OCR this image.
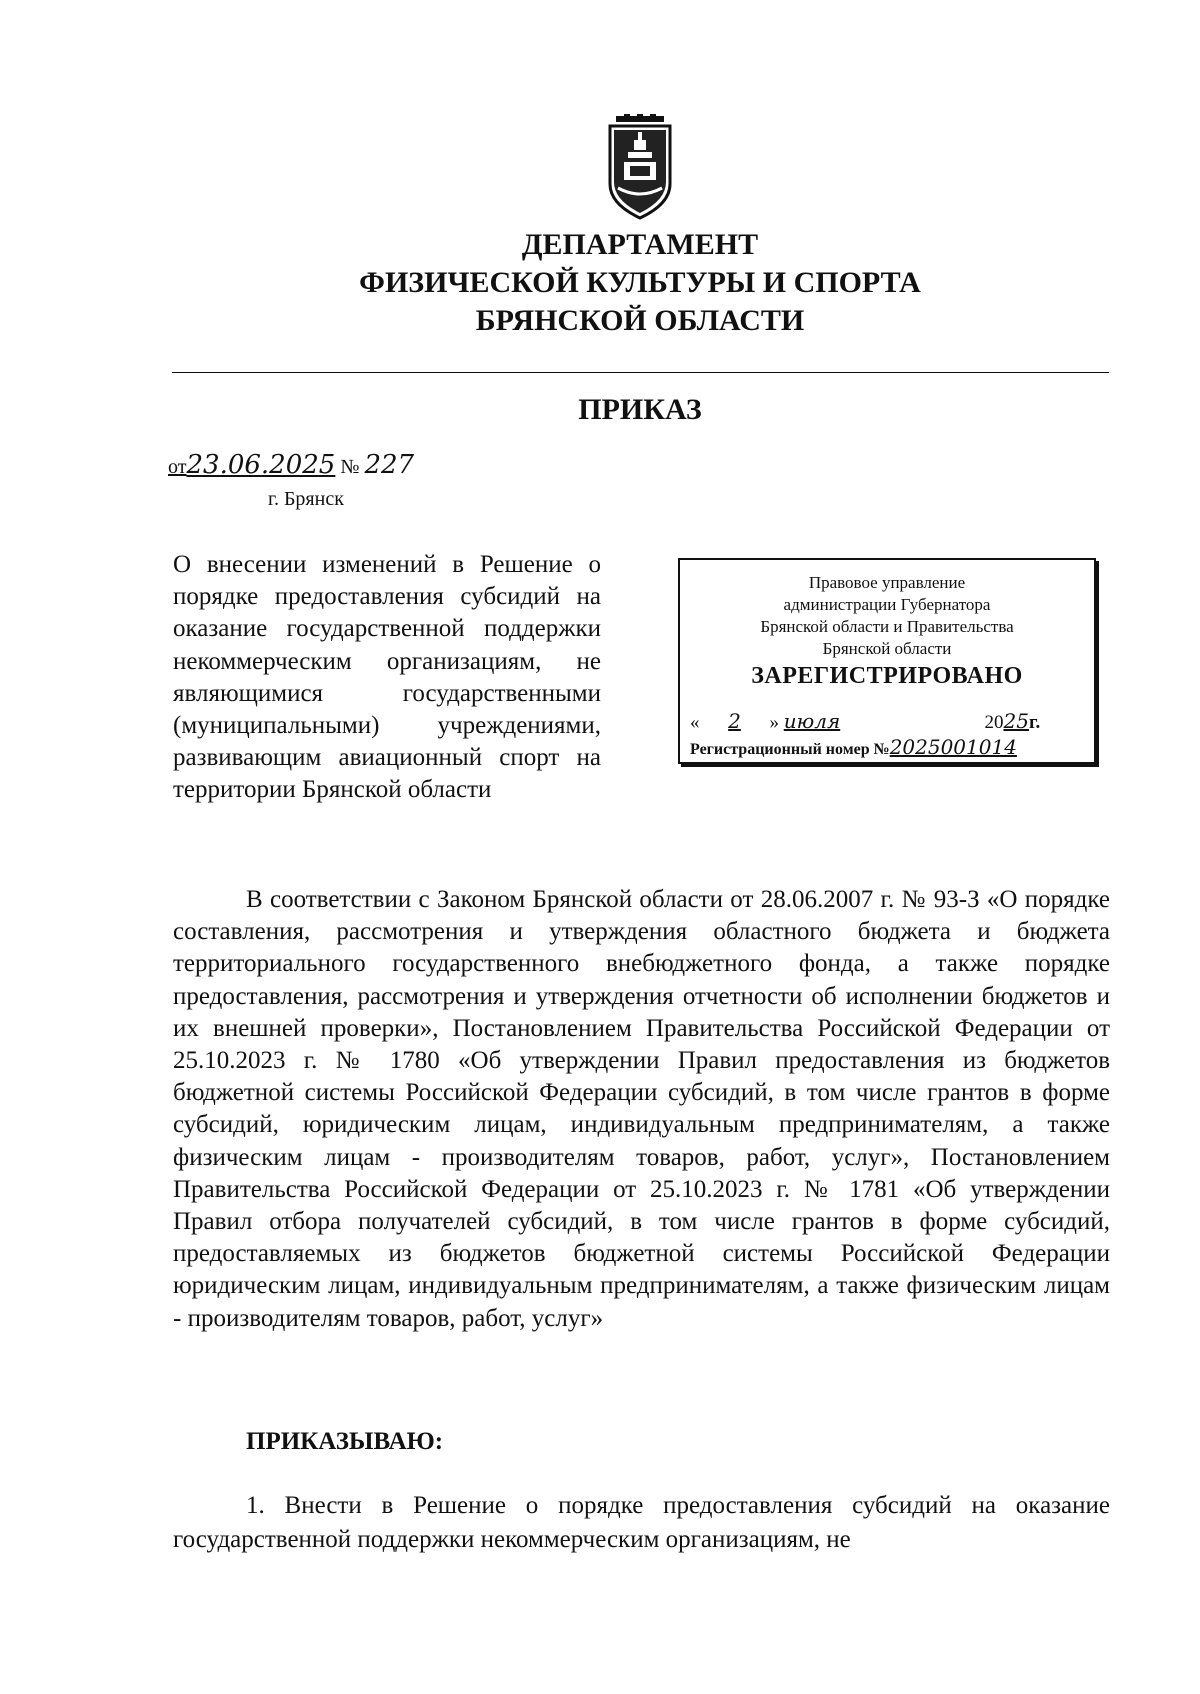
ДЕПАРТАМЕНТ
ФИЗИЧЕСКОЙ КУЛЬТУРЫ И СПОРТА
БРЯНСКОЙ ОБЛАСТИ
ПРИКАЗ
от23.06.2025 № 227
г. Брянск
О внесении изменений в Решение о порядке предоставления субсидий на оказание государственной поддержки некоммерческим организациям, не являющимися государственными (муниципальными) учреждениями, развивающим авиационный спорт на территории Брянской области
Правовое управление
администрации Губернатора
Брянской области и Правительства
Брянской области
ЗАРЕГИСТРИРОВАНО
« 2 » июля	2025г.
Регистрационный номер №2025001014
В соответствии с Законом Брянской области от 28.06.2007 г. № 93-З «О порядке составления, рассмотрения и утверждения областного бюджета и бюджета территориального государственного внебюджетного фонда, а также порядке предоставления, рассмотрения и утверждения отчетности об исполнении бюджетов и их внешней проверки», Постановлением Правительства Российской Федерации от 25.10.2023 г. № 1780 «Об утверждении Правил предоставления из бюджетов бюджетной системы Российской Федерации субсидий, в том числе грантов в форме субсидий, юридическим лицам, индивидуальным предпринимателям, а также физическим лицам - производителям товаров, работ, услуг», Постановлением Правительства Российской Федерации от 25.10.2023 г. № 1781 «Об утверждении Правил отбора получателей субсидий, в том числе грантов в форме субсидий, предоставляемых из бюджетов бюджетной системы Российской Федерации юридическим лицам, индивидуальным предпринимателям, а также физическим лицам - производителям товаров, работ, услуг»
ПРИКАЗЫВАЮ:
1. Внести в Решение о порядке предоставления субсидий на оказание государственной поддержки некоммерческим организациям, не
